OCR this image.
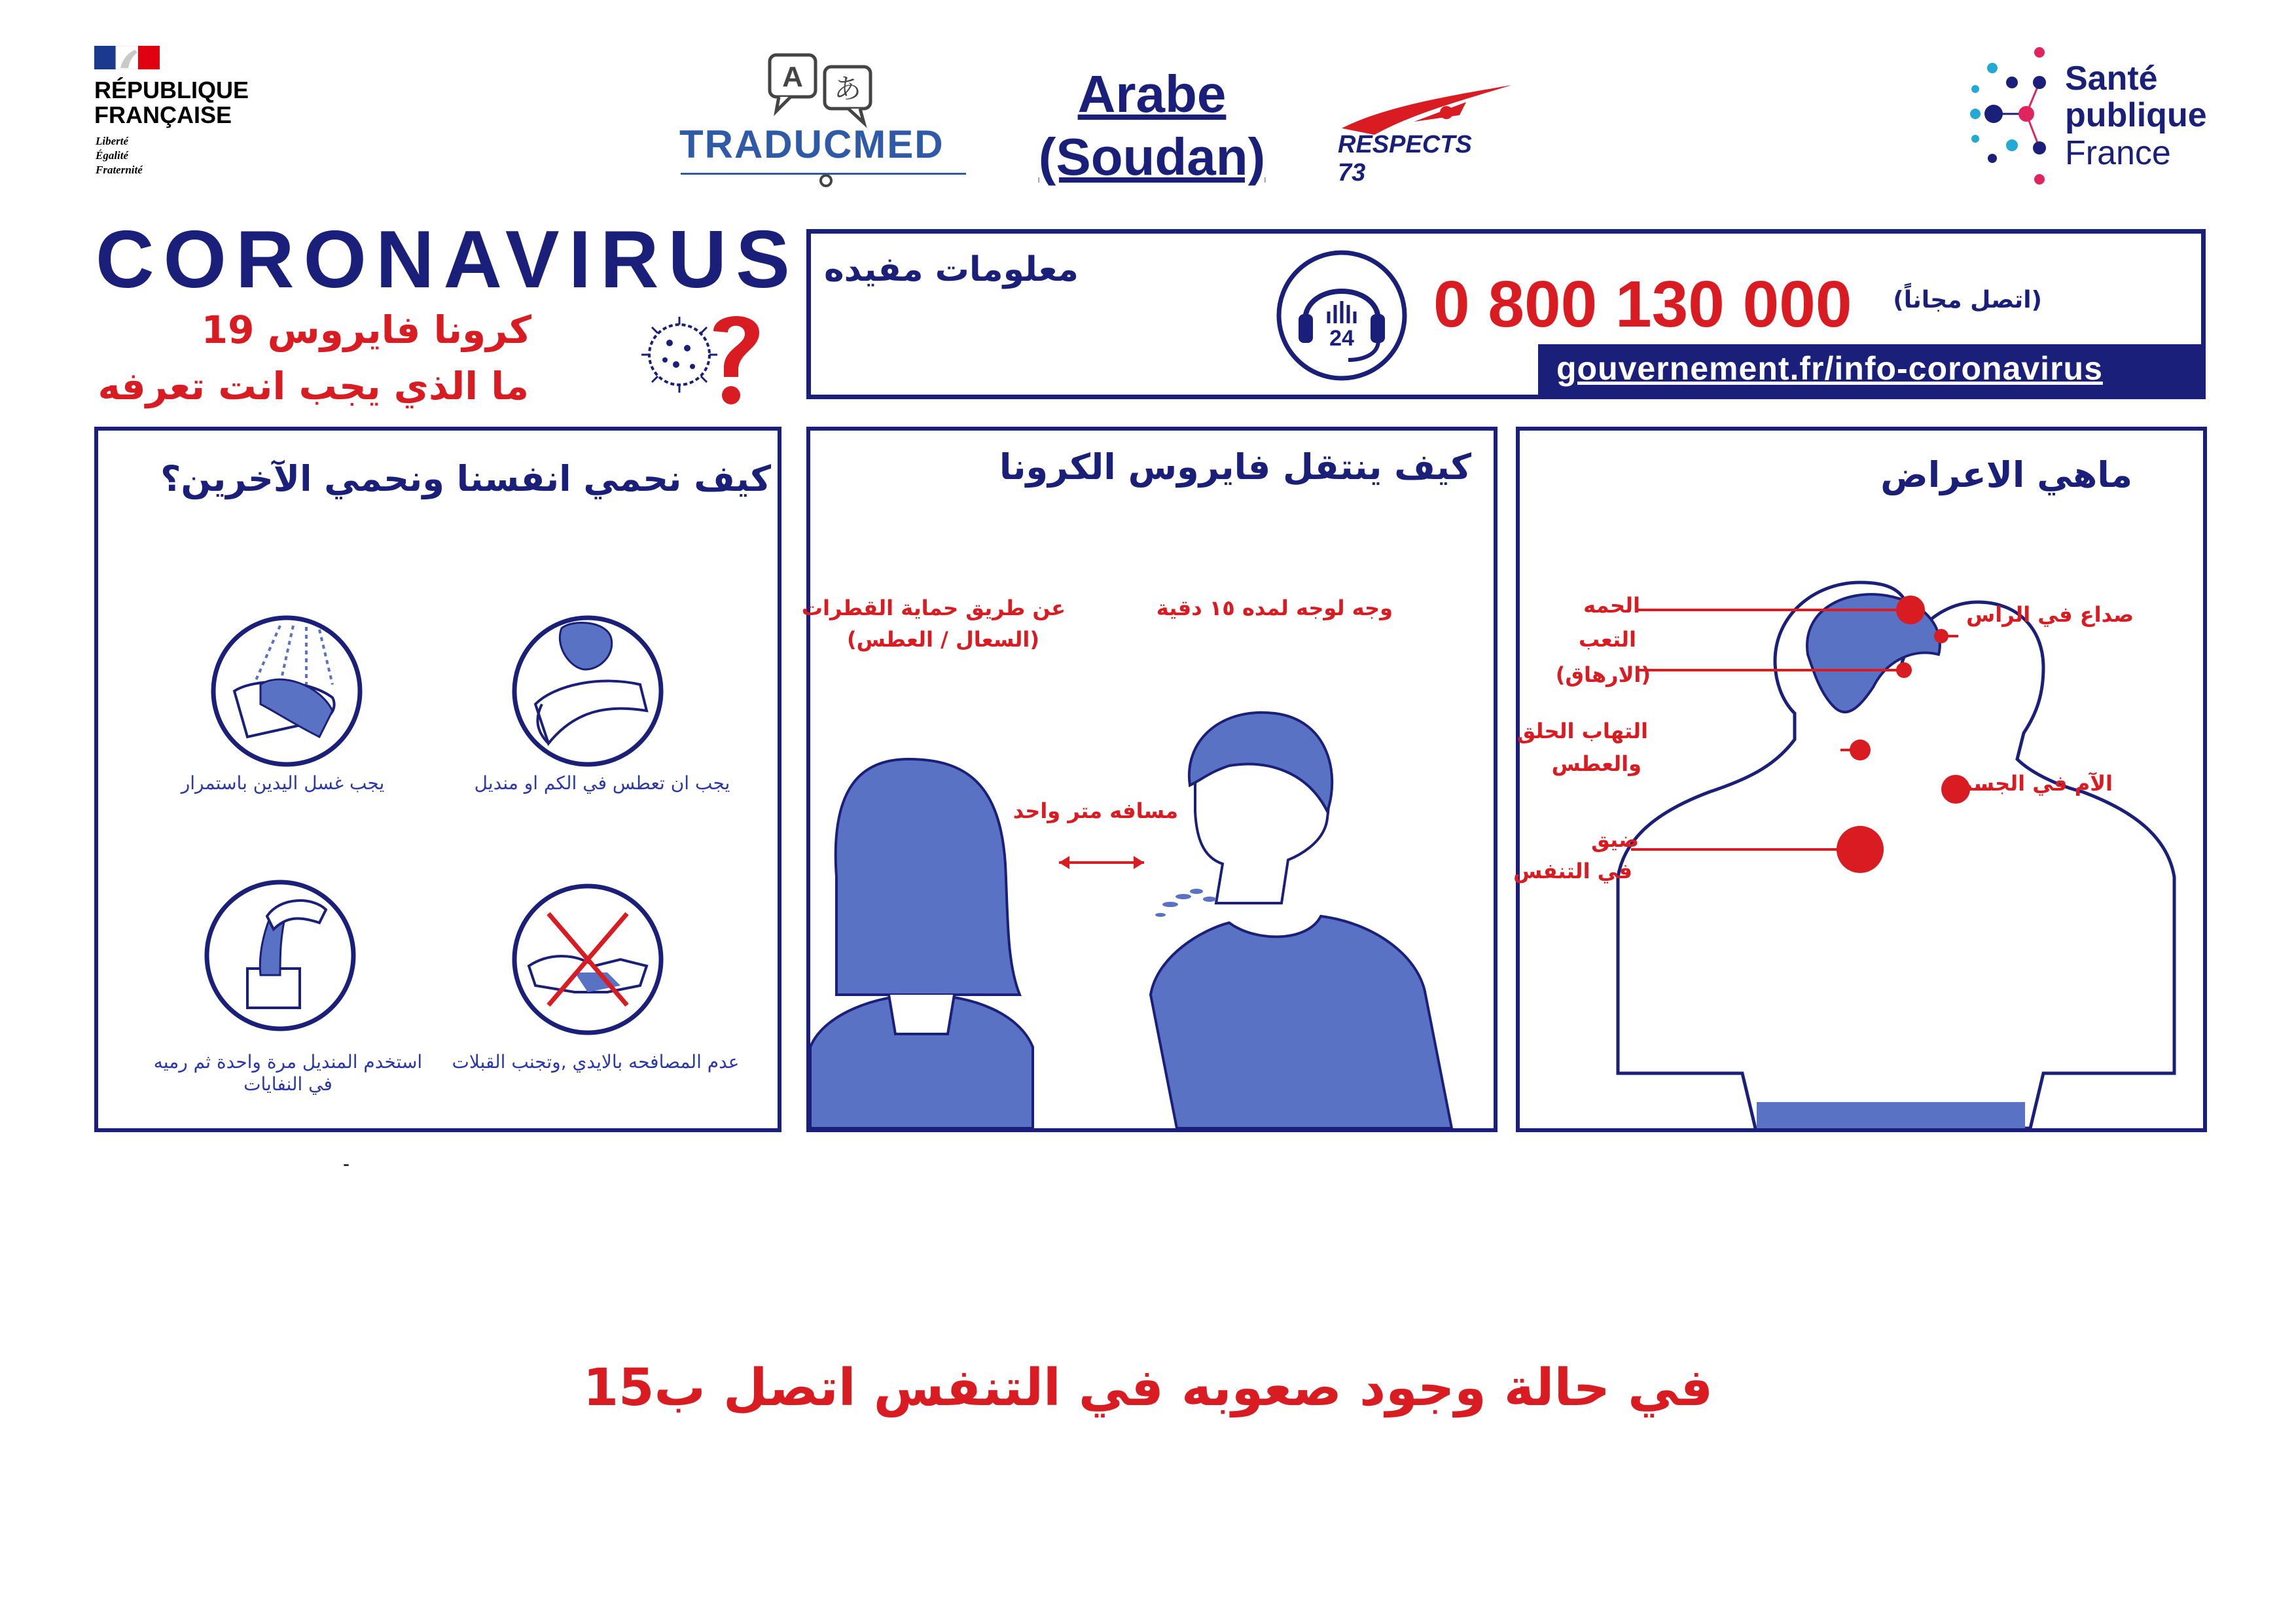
RÉPUBLIQUE
FRANÇAISE
Liberté
Égalité
Fraternité
A あ
TRADUCMED
Arabe
(Soudan)	RESPECTS 73
Santé
publique
France
CORONAVIRUS
كرونا فايروس 19
ما الذي يجب انت تعرفه
معلومات مفيده
24 0 800 130 000 (اتصل مجاناً)
gouvernement.fr/info-coronavirus
كيف نحمي انفسنا ونحمي الآخرين؟
يجب ان تعطس في الكم او منديل
يجب غسل اليدين باستمرار
عدم المصافحه بالايدي ,وتجنب القبلات
استخدم المنديل مرة واحدة ثم رميه في النفايات
كيف ينتقل فايروس الكرونا
وجه لوجه لمده ١٥ دقية
عن طريق حماية القطرات
(السعال / العطس)
مسافه متر واحد
ماهي الاعراض
الحمه
التعب
(الارهاق)
صداع في الراس
التهاب الحلق
والعطس
الآم في الجسم
ضيق
في التنفس
-
في حالة وجود صعوبه في التنفس اتصل ب15
